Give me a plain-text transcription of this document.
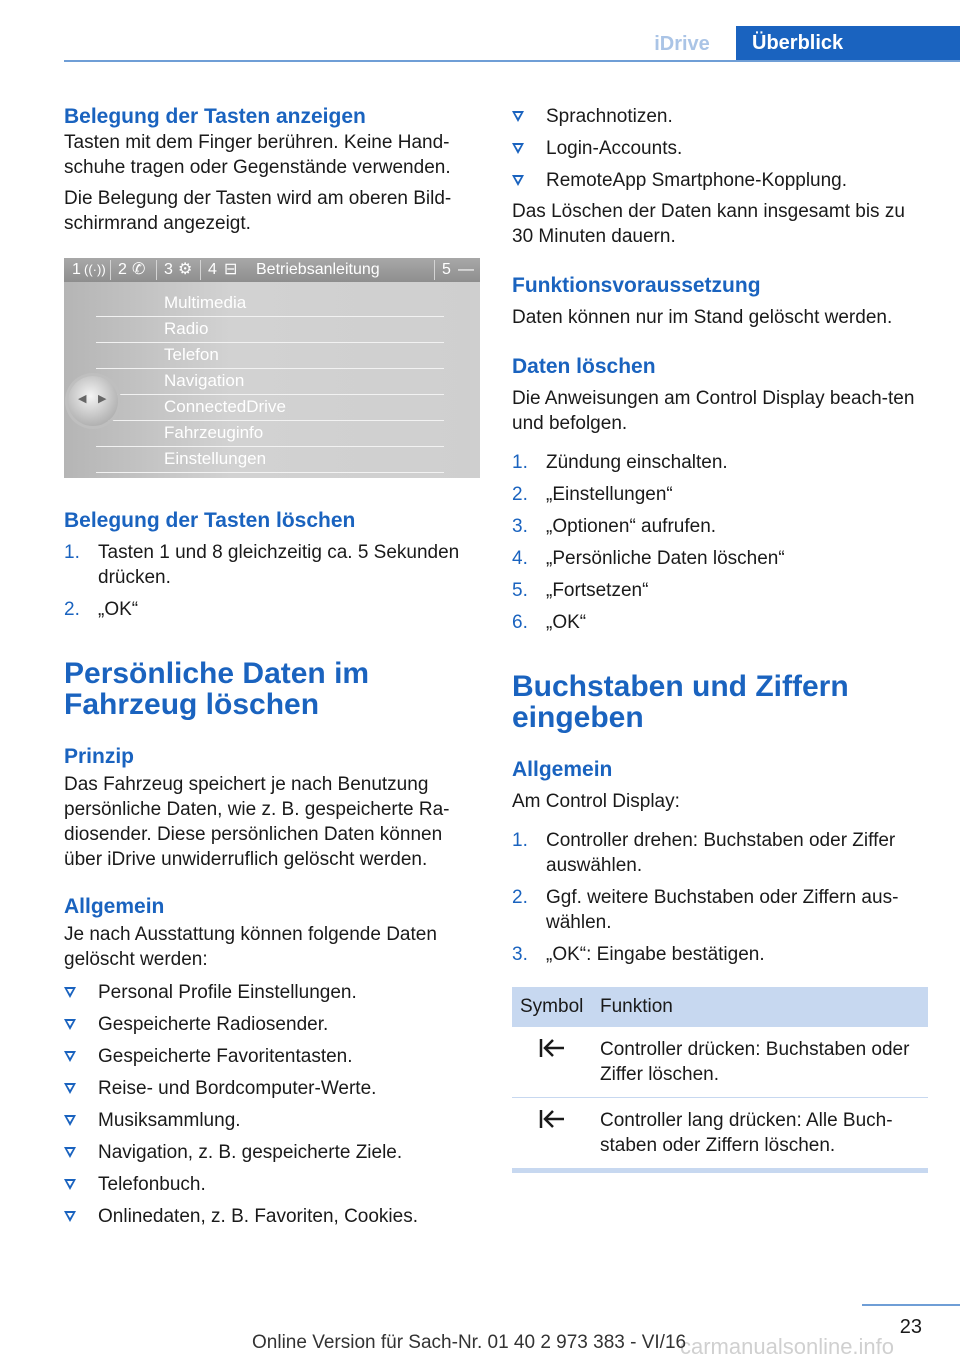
iDrive	Überblick
Belegung der Tasten anzeigen

Tasten mit dem Finger berühren. Keine Hand-schuhe tragen oder Gegenstände verwenden.

Die Belegung der Tasten wird am oberen Bild-schirmrand angezeigt.

1 ((·)) 2 ✆ 3 ⚙ 4 ⊟ Betriebsanleitung	5 —
Multimedia
Radio
Telefon
Navigation
ConnectedDrive
Fahrzeuginfo
Einstellungen
◀ ▶
Belegung der Tasten löschen
1. Tasten 1 und 8 gleichzeitig ca. 5 Sekunden drücken.
2. „OK“
Persönliche Daten im Fahrzeug löschen
Prinzip

Das Fahrzeug speichert je nach Benutzung persönliche Daten, wie z. B. gespeicherte Ra-diosender. Diese persönlichen Daten können über iDrive unwiderruflich gelöscht werden.

Allgemein

Je nach Ausstattung können folgende Daten gelöscht werden:

Personal Profile Einstellungen.
Gespeicherte Radiosender.
Gespeicherte Favoritentasten.
Reise- und Bordcomputer-Werte.
Musiksammlung.
Navigation, z. B. gespeicherte Ziele.
Telefonbuch.
Onlinedaten, z. B. Favoriten, Cookies.
Sprachnotizen.
Login-Accounts.
RemoteApp Smartphone-Kopplung.

Das Löschen der Daten kann insgesamt bis zu 30 Minuten dauern.

Funktionsvoraussetzung

Daten können nur im Stand gelöscht werden.

Daten löschen

Die Anweisungen am Control Display beach-ten und befolgen.

1. Zündung einschalten.
2. „Einstellungen“
3. „Optionen“ aufrufen.
4. „Persönliche Daten löschen“
5. „Fortsetzen“
6. „OK“
Buchstaben und Ziffern eingeben
Allgemein

Am Control Display:

1. Controller drehen: Buchstaben oder Ziffer auswählen.
2. Ggf. weitere Buchstaben oder Ziffern aus-wählen.
3. „OK“: Eingabe bestätigen.
Symbol	Funktion
	Controller drücken: Buchstaben oder Ziffer löschen.
	Controller lang drücken: Alle Buch-staben oder Ziffern löschen.
23
carmanualsonline.info
Online Version für Sach-Nr. 01 40 2 973 383 - VI/16
